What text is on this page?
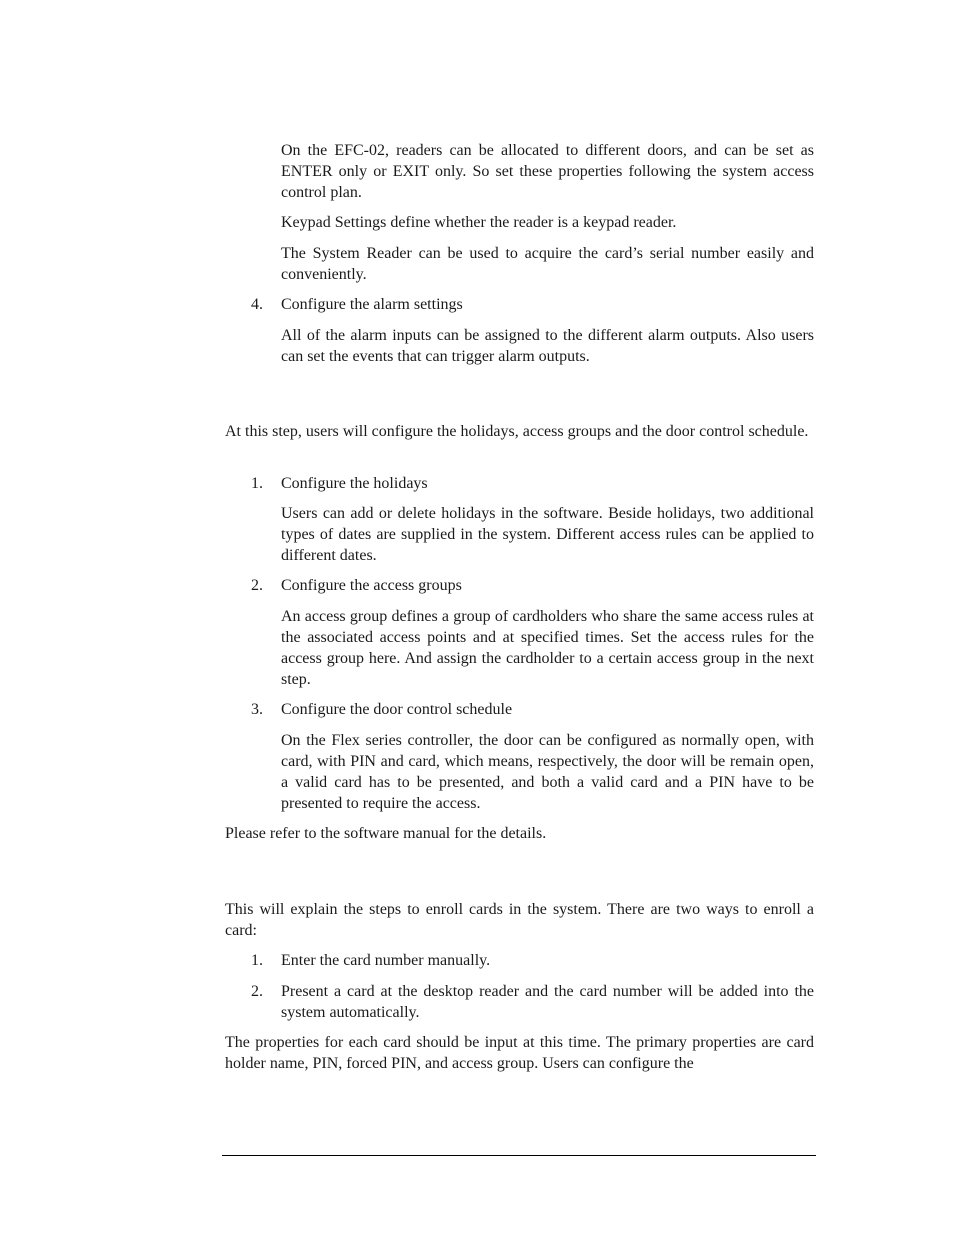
On the EFC-02, readers can be allocated to different doors, and can be set as ENTER only or EXIT only. So set these properties following the system access control plan.

Keypad Settings define whether the reader is a keypad reader.

The System Reader can be used to acquire the card’s serial number easily and conveniently.

4. Configure the alarm settings

All of the alarm inputs can be assigned to the different alarm outputs. Also users can set the events that can trigger alarm outputs.

At this step, users will configure the holidays, access groups and the door control schedule.

1. Configure the holidays

Users can add or delete holidays in the software. Beside holidays, two additional types of dates are supplied in the system. Different access rules can be applied to different dates.

2. Configure the access groups

An access group defines a group of cardholders who share the same access rules at the associated access points and at specified times. Set the access rules for the access group here. And assign the cardholder to a certain access group in the next step.

3. Configure the door control schedule

On the Flex series controller, the door can be configured as normally open, with card, with PIN and card, which means, respectively, the door will be remain open, a valid card has to be presented, and both a valid card and a PIN have to be presented to require the access.

Please refer to the software manual for the details.

This will explain the steps to enroll cards in the system. There are two ways to enroll a card:

1. Enter the card number manually.

2. Present a card at the desktop reader and the card number will be added into the system automatically.

The properties for each card should be input at this time. The primary properties are card holder name, PIN, forced PIN, and access group. Users can configure the
